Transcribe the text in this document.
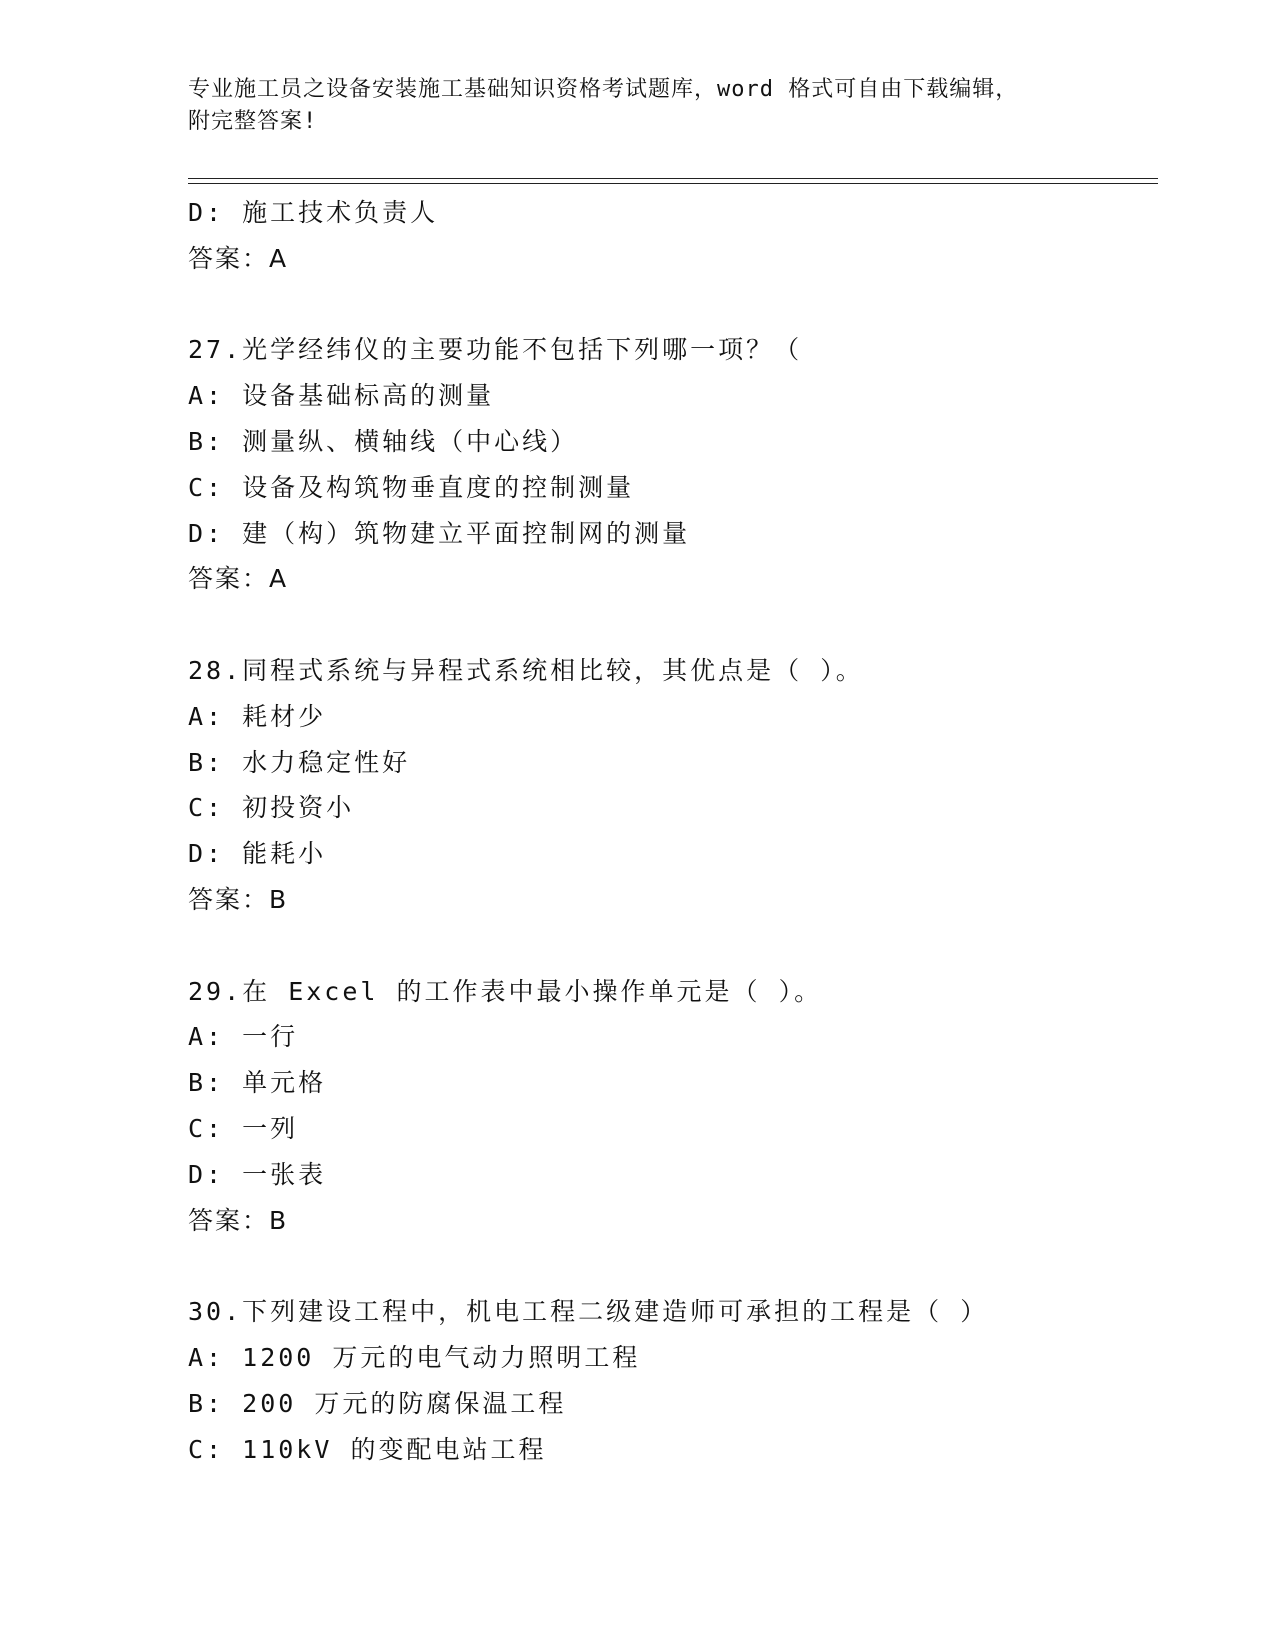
专业施工员之设备安装施工基础知识资格考试题库，word 格式可自由下载编辑，
附完整答案!
D: 施工技术负责人
答案：A
27.光学经纬仪的主要功能不包括下列哪一项？（
A: 设备基础标高的测量
B: 测量纵、横轴线（中心线）
C: 设备及构筑物垂直度的控制测量
D: 建（构）筑物建立平面控制网的测量
答案：A
28.同程式系统与异程式系统相比较，其优点是（ ）。
A: 耗材少
B: 水力稳定性好
C: 初投资小
D: 能耗小
答案：B
29.在 Excel 的工作表中最小操作单元是（ ）。
A: 一行
B: 单元格
C: 一列
D: 一张表
答案：B
30.下列建设工程中，机电工程二级建造师可承担的工程是（ ）
A: 1200 万元的电气动力照明工程
B: 200 万元的防腐保温工程
C: 110kV 的变配电站工程
